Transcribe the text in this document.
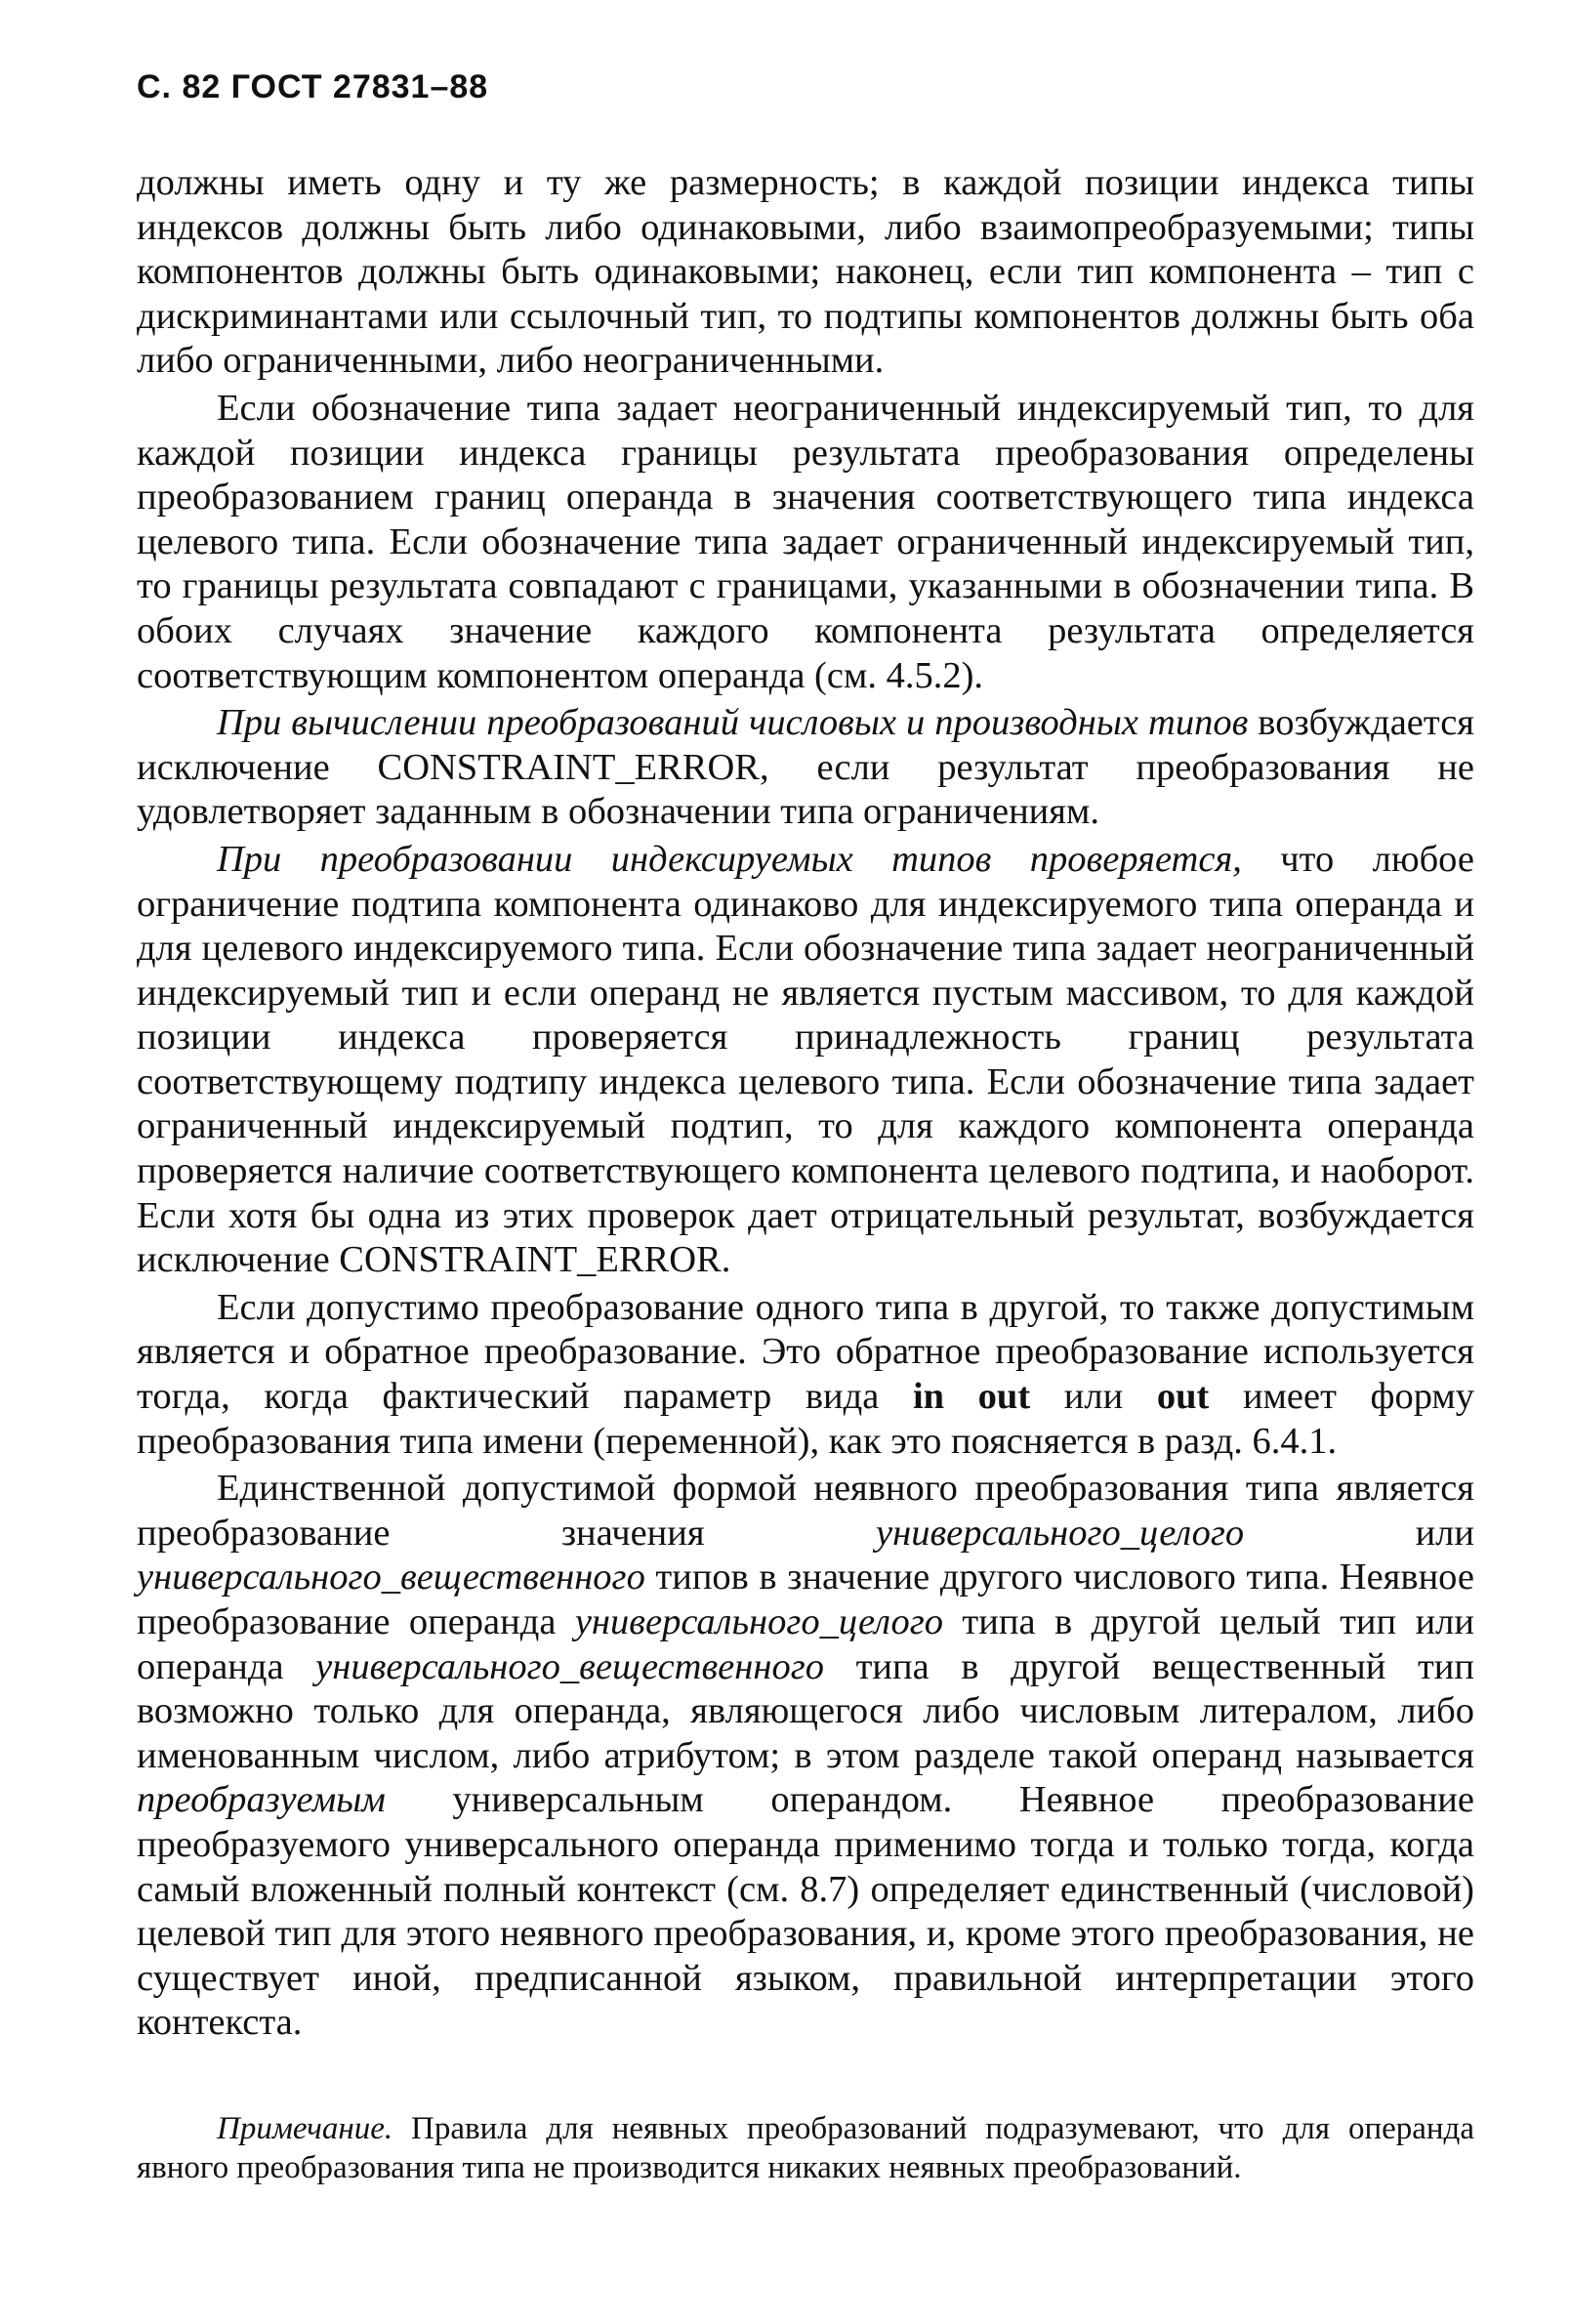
С. 82 ГОСТ 27831–88

должны иметь одну и ту же размерность; в каждой позиции индекса типы индексов должны быть либо одинаковыми, либо взаимопреобразуемыми; типы компонентов должны быть одинаковыми; наконец, если тип компонента – тип с дискриминантами или ссылочный тип, то подтипы компонентов должны быть оба либо ограниченными, либо неограниченными.

Если обозначение типа задает неограниченный индексируемый тип, то для каждой позиции индекса границы результата преобразования определены преобразованием границ операнда в значения соответствующего типа индекса целевого типа. Если обозначение типа задает ограниченный индексируемый тип, то границы результата совпадают с границами, указанными в обозначении типа. В обоих случаях значение каждого компонента результата определяется соответствующим компонентом операнда (см. 4.5.2).

При вычислении преобразований числовых и производных типов возбуждается исключение CONSTRAINT_ERROR, если результат преобразования не удовлетворяет заданным в обозначении типа ограничениям.

При преобразовании индексируемых типов проверяется, что любое ограничение подтипа компонента одинаково для индексируемого типа операнда и для целевого индексируемого типа. Если обозначение типа задает неограниченный индексируемый тип и если операнд не является пустым массивом, то для каждой позиции индекса проверяется принадлежность границ результата соответствующему подтипу индекса целевого типа. Если обозначение типа задает ограниченный индексируемый подтип, то для каждого компонента операнда проверяется наличие соответствующего компонента целевого подтипа, и наоборот. Если хотя бы одна из этих проверок дает отрицательный результат, возбуждается исключение CONSTRAINT_ERROR.

Если допустимо преобразование одного типа в другой, то также допустимым является и обратное преобразование. Это обратное преобразование используется тогда, когда фактический параметр вида in out или out имеет форму преобразования типа имени (переменной), как это поясняется в разд. 6.4.1.

Единственной допустимой формой неявного преобразования типа является преобразование значения универсального_целого или универсального_вещественного типов в значение другого числового типа. Неявное преобразование операнда универсального_целого типа в другой целый тип или операнда универсального_вещественного типа в другой вещественный тип возможно только для операнда, являющегося либо числовым литералом, либо именованным числом, либо атрибутом; в этом разделе такой операнд называется преобразуемым универсальным операндом. Неявное преобразование преобразуемого универсального операнда применимо тогда и только тогда, когда самый вложенный полный контекст (см. 8.7) определяет единственный (числовой) целевой тип для этого неявного преобразования, и, кроме этого преобразования, не существует иной, предписанной языком, правильной интерпретации этого контекста.

Примечание. Правила для неявных преобразований подразумевают, что для операнда явного преобразования типа не производится никаких неявных преобразований.
